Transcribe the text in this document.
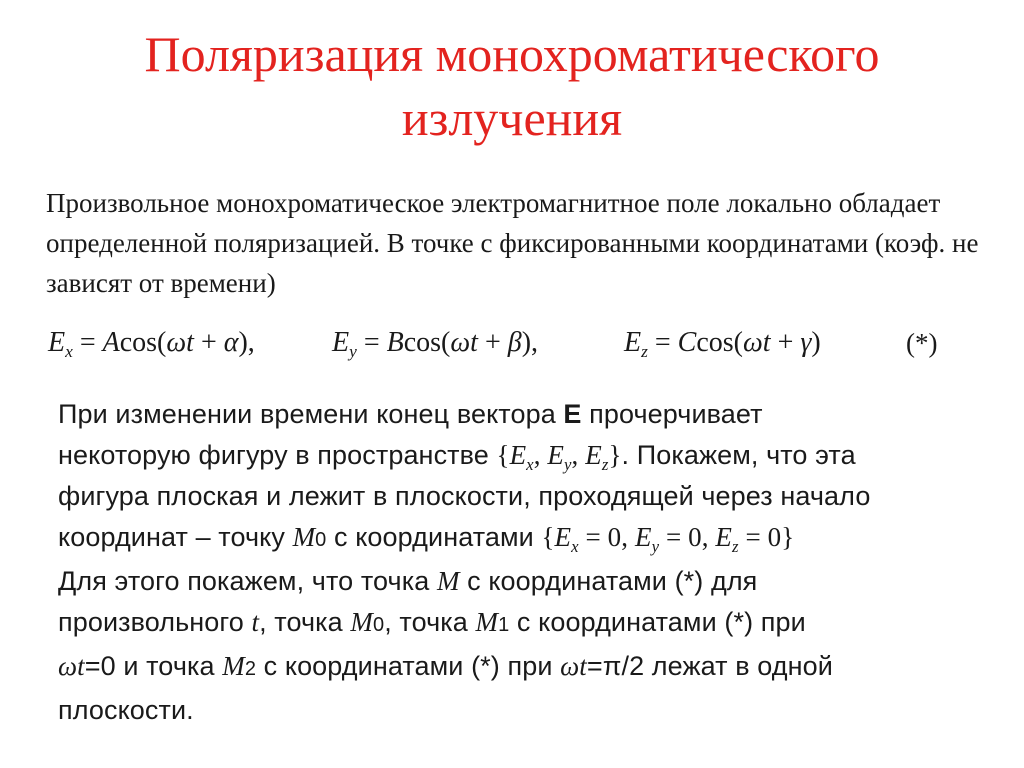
Поляризация монохроматического
излучения
Произвольное монохроматическое электромагнитное поле локально обладает определенной поляризацией. В точке с фиксированными координатами (коэф. не зависят от времени)
$E_x = Acos(\omega t + \alpha)$,	$E_y = Bcos(\omega t + \beta)$,	$E_z = Ccos(\omega t + \gamma)$	(*)
При изменении времени конец вектора E прочерчивает
некоторую фигуру в пространстве {$E_x$, $E_y$, $E_z$}. Покажем, что эта
фигура плоская и лежит в плоскости, проходящей через начало
координат – точку M0 с координатами {$E_x = 0$, $E_y = 0$, $E_z = 0$}
Для этого покажем, что точка M с координатами (*) для
произвольного t, точка M0, точка M1 с координатами (*) при
ωt=0 и точка M2 с координатами (*) при ωt=π/2 лежат в одной
плоскости.
